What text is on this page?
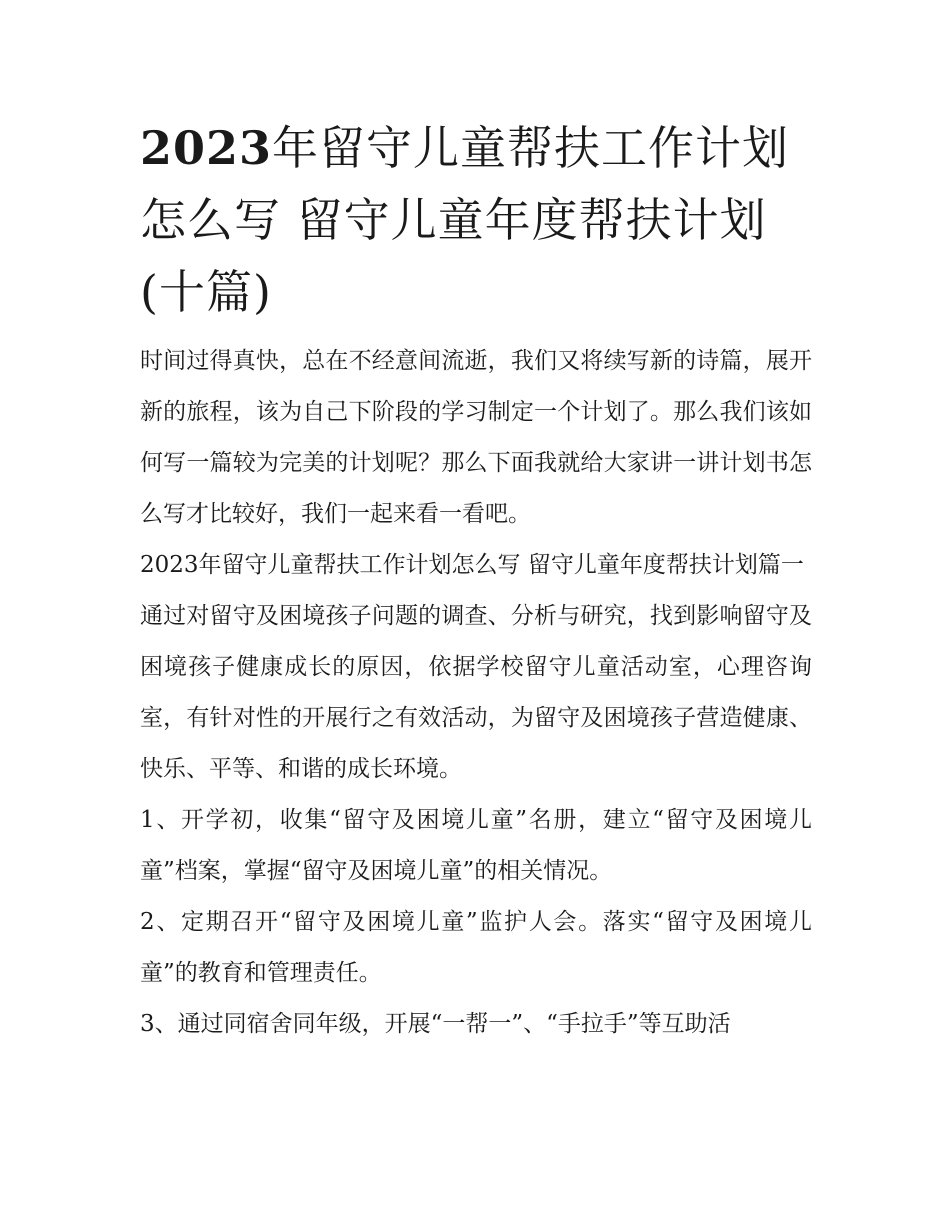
2023年留守儿童帮扶工作计划怎么写 留守儿童年度帮扶计划(十篇)

时间过得真快，总在不经意间流逝，我们又将续写新的诗篇，展开新的旅程，该为自己下阶段的学习制定一个计划了。那么我们该如何写一篇较为完美的计划呢？那么下面我就给大家讲一讲计划书怎么写才比较好，我们一起来看一看吧。

2023年留守儿童帮扶工作计划怎么写 留守儿童年度帮扶计划篇一

通过对留守及困境孩子问题的调查、分析与研究，找到影响留守及困境孩子健康成长的原因，依据学校留守儿童活动室，心理咨询室，有针对性的开展行之有效活动，为留守及困境孩子营造健康、快乐、平等、和谐的成长环境。

1、开学初，收集“留守及困境儿童”名册，建立“留守及困境儿童”档案，掌握“留守及困境儿童”的相关情况。

2、定期召开“留守及困境儿童”监护人会。落实“留守及困境儿童”的教育和管理责任。

3、通过同宿舍同年级，开展“一帮一”、“手拉手”等互助活
